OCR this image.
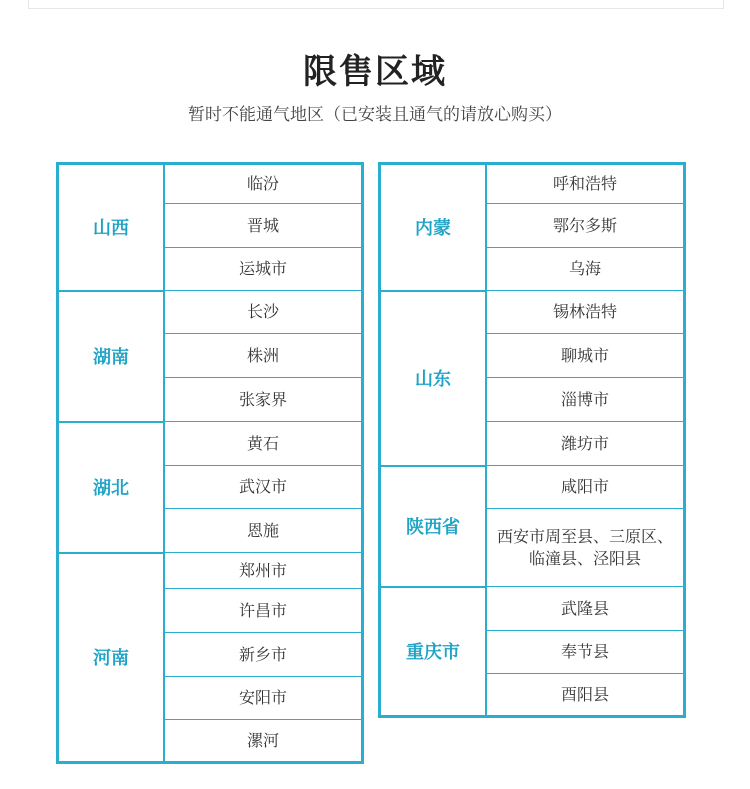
限售区域
暂时不能通气地区（已安装且通气的请放心购买）
山西	临汾
	晋城
	运城市
湖南	长沙
	株洲
	张家界
湖北	黄石
	武汉市
	恩施
河南	郑州市
	许昌市
	新乡市
	安阳市
	漯河
内蒙	呼和浩特
	鄂尔多斯
	乌海
山东	锡林浩特
	聊城市
	淄博市
	潍坊市
陕西省	咸阳市
	西安市周至县、三原区、临潼县、泾阳县
重庆市	武隆县
	奉节县
	酉阳县
